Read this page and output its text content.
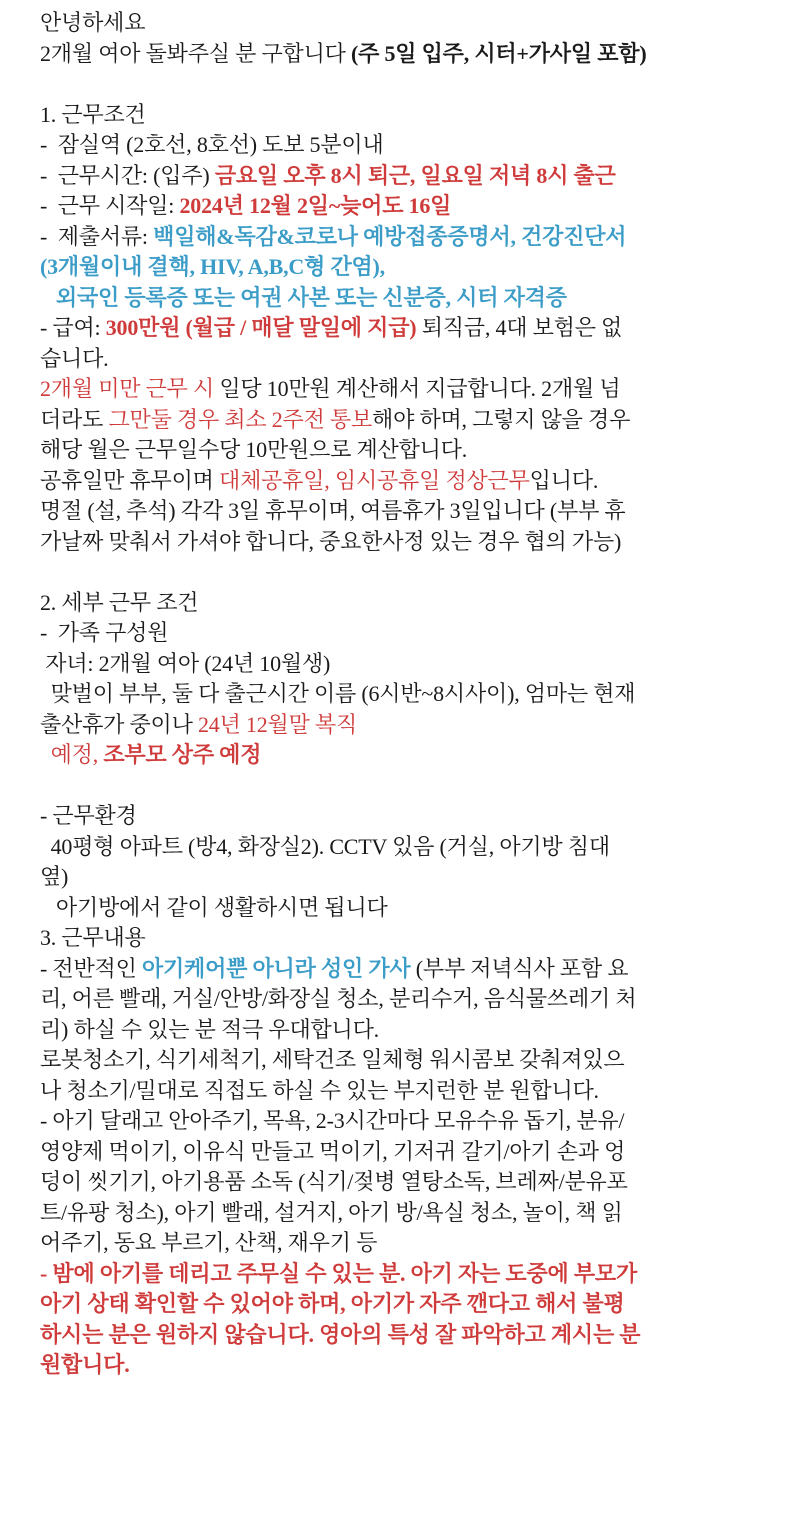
안녕하세요
2개월 여아 돌봐주실 분 구합니다 (주 5일 입주, 시터+가사일 포함)
1. 근무조건
-  잠실역 (2호선, 8호선) 도보 5분이내
-  근무시간: (입주) 금요일 오후 8시 퇴근, 일요일 저녁 8시 출근
-  근무 시작일: 2024년 12월 2일~늦어도 16일
-  제출서류: 백일해&독감&코로나 예방접종증명서, 건강진단서
(3개월이내 결핵, HIV, A,B,C형 간염),
외국인 등록증 또는 여권 사본 또는 신분증, 시터 자격증
- 급여: 300만원 (월급 / 매달 말일에 지급) 퇴직금, 4대 보험은 없
습니다.
2개월 미만 근무 시 일당 10만원 계산해서 지급합니다. 2개월 넘
더라도 그만둘 경우 최소 2주전 통보해야 하며, 그렇지 않을 경우
해당 월은 근무일수당 10만원으로 계산합니다.
공휴일만 휴무이며 대체공휴일, 임시공휴일 정상근무입니다.
명절 (설, 추석) 각각 3일 휴무이며, 여름휴가 3일입니다 (부부 휴
가날짜 맞춰서 가셔야 합니다, 중요한사정 있는 경우 협의 가능)
2. 세부 근무 조건
-  가족 구성원
자녀: 2개월 여아 (24년 10월생)
맞벌이 부부, 둘 다 출근시간 이름 (6시반~8시사이), 엄마는 현재
출산휴가 중이나 24년 12월말 복직
예정, 조부모 상주 예정
- 근무환경
40평형 아파트 (방4, 화장실2). CCTV 있음 (거실, 아기방 침대
옆)
아기방에서 같이 생활하시면 됩니다
3. 근무내용
- 전반적인 아기케어뿐 아니라 성인 가사 (부부 저녁식사 포함 요
리, 어른 빨래, 거실/안방/화장실 청소, 분리수거, 음식물쓰레기 처
리) 하실 수 있는 분 적극 우대합니다.
로봇청소기, 식기세척기, 세탁건조 일체형 워시콤보 갖춰져있으
나 청소기/밀대로 직접도 하실 수 있는 부지런한 분 원합니다.
- 아기 달래고 안아주기, 목욕, 2-3시간마다 모유수유 돕기, 분유/
영양제 먹이기, 이유식 만들고 먹이기, 기저귀 갈기/아기 손과 엉
덩이 씻기기, 아기용품 소독 (식기/젖병 열탕소독, 브레짜/분유포
트/유팡 청소), 아기 빨래, 설거지, 아기 방/욕실 청소, 놀이, 책 읽
어주기, 동요 부르기, 산책, 재우기 등
- 밤에 아기를 데리고 주무실 수 있는 분. 아기 자는 도중에 부모가
아기 상태 확인할 수 있어야 하며, 아기가 자주 깬다고 해서 불평
하시는 분은 원하지 않습니다. 영아의 특성 잘 파악하고 계시는 분
원합니다.
